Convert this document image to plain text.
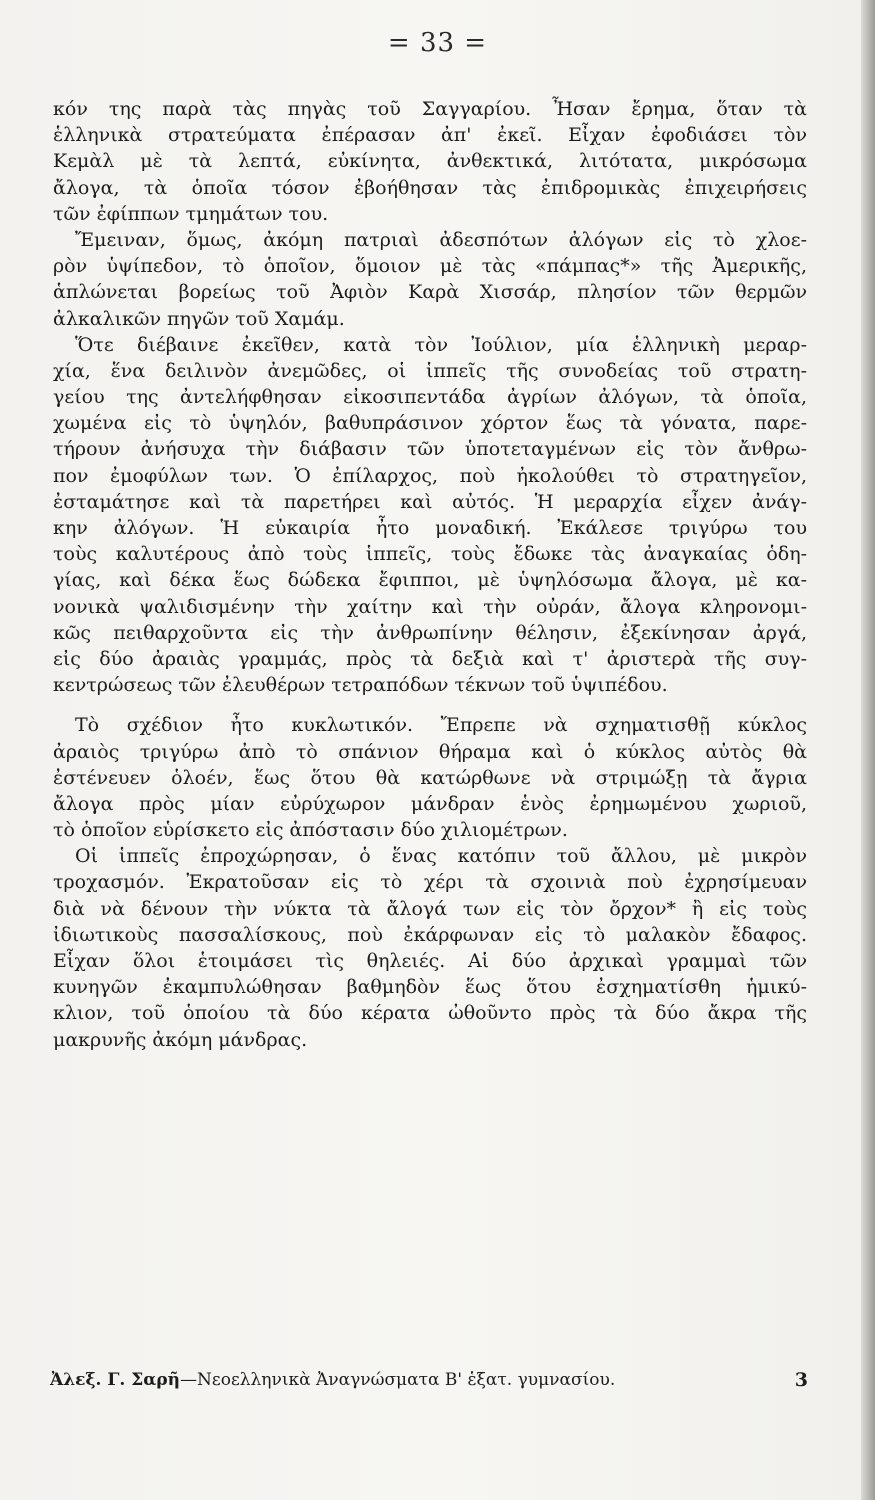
= 33 =
κόν της παρὰ τὰς πηγὰς τοῦ Σαγγαρίου. Ἦσαν ἔρημα, ὅταν τὰ
ἑλληνικὰ στρατεύματα ἐπέρασαν ἀπ' ἐκεῖ. Εἶχαν ἐφοδιάσει τὸν
Κεμὰλ μὲ τὰ λεπτά, εὐκίνητα, ἀνθεκτικά, λιτότατα, μικρόσωμα
ἄλογα, τὰ ὁποῖα τόσον ἐβοήθησαν τὰς ἐπιδρομικὰς ἐπιχειρήσεις
τῶν ἐφίππων τμημάτων του.
Ἔμειναν, ὅμως, ἀκόμη πατριαὶ ἀδεσπότων ἀλόγων εἰς τὸ χλοε-
ρὸν ὑψίπεδον, τὸ ὁποῖον, ὅμοιον μὲ τὰς «πάμπας*» τῆς Ἀμερικῆς,
ἁπλώνεται βορείως τοῦ Ἀφιὸν Καρὰ Χισσάρ, πλησίον τῶν θερμῶν
ἀλκαλικῶν πηγῶν τοῦ Χαμάμ.
Ὅτε διέβαινε ἐκεῖθεν, κατὰ τὸν Ἰούλιον, μία ἑλληνικὴ μεραρ-
χία, ἕνα δειλινὸν ἀνεμῶδες, οἱ ἱππεῖς τῆς συνοδείας τοῦ στρατη-
γείου της ἀντελήφθησαν εἰκοσιπεντάδα ἀγρίων ἀλόγων, τὰ ὁποῖα,
χωμένα εἰς τὸ ὑψηλόν, βαθυπράσινον χόρτον ἕως τὰ γόνατα, παρε-
τήρουν ἀνήσυχα τὴν διάβασιν τῶν ὑποτεταγμένων εἰς τὸν ἄνθρω-
πον ἐμοφύλων των. Ὁ ἐπίλαρχος, ποὺ ἠκολούθει τὸ στρατηγεῖον,
ἐσταμάτησε καὶ τὰ παρετήρει καὶ αὐτός. Ἡ μεραρχία εἶχεν ἀνάγ-
κην ἀλόγων. Ἡ εὐκαιρία ἦτο μοναδική. Ἐκάλεσε τριγύρω του
τοὺς καλυτέρους ἀπὸ τοὺς ἱππεῖς, τοὺς ἔδωκε τὰς ἀναγκαίας ὁδη-
γίας, καὶ δέκα ἕως δώδεκα ἔφιπποι, μὲ ὑψηλόσωμα ἄλογα, μὲ κα-
νονικὰ ψαλιδισμένην τὴν χαίτην καὶ τὴν οὐράν, ἄλογα κληρονομι-
κῶς πειθαρχοῦντα εἰς τὴν ἀνθρωπίνην θέλησιν, ἐξεκίνησαν ἀργά,
εἰς δύο ἀραιὰς γραμμάς, πρὸς τὰ δεξιὰ καὶ τ' ἀριστερὰ τῆς συγ-
κεντρώσεως τῶν ἐλευθέρων τετραπόδων τέκνων τοῦ ὑψιπέδου.
Τὸ σχέδιον ἦτο κυκλωτικόν. Ἔπρεπε νὰ σχηματισθῇ κύκλος
ἀραιὸς τριγύρω ἀπὸ τὸ σπάνιον θήραμα καὶ ὁ κύκλος αὐτὸς θὰ
ἐστένευεν ὁλοέν, ἕως ὅτου θὰ κατώρθωνε νὰ στριμώξῃ τὰ ἄγρια
ἄλογα πρὸς μίαν εὐρύχωρον μάνδραν ἑνὸς ἐρημωμένου χωριοῦ,
τὸ ὁποῖον εὑρίσκετο εἰς ἀπόστασιν δύο χιλιομέτρων.
Οἱ ἱππεῖς ἐπροχώρησαν, ὁ ἕνας κατόπιν τοῦ ἄλλου, μὲ μικρὸν
τροχασμόν. Ἐκρατοῦσαν εἰς τὸ χέρι τὰ σχοινιὰ ποὺ ἐχρησίμευαν
διὰ νὰ δένουν τὴν νύκτα τὰ ἄλογά των εἰς τὸν ὄρχον* ἢ εἰς τοὺς
ἰδιωτικοὺς πασσαλίσκους, ποὺ ἐκάρφωναν εἰς τὸ μαλακὸν ἔδαφος.
Εἶχαν ὅλοι ἑτοιμάσει τὶς θηλειές. Αἱ δύο ἀρχικαὶ γραμμαὶ τῶν
κυνηγῶν ἐκαμπυλώθησαν βαθμηδὸν ἕως ὅτου ἐσχηματίσθη ἡμικύ-
κλιον, τοῦ ὁποίου τὰ δύο κέρατα ὠθοῦντο πρὸς τὰ δύο ἄκρα τῆς
μακρυνῆς ἀκόμη μάνδρας.
Ἀλεξ. Γ. Σαρῆ—Νεοελληνικὰ Ἀναγνώσματα Β' ἑξατ. γυμνασίου.	3
